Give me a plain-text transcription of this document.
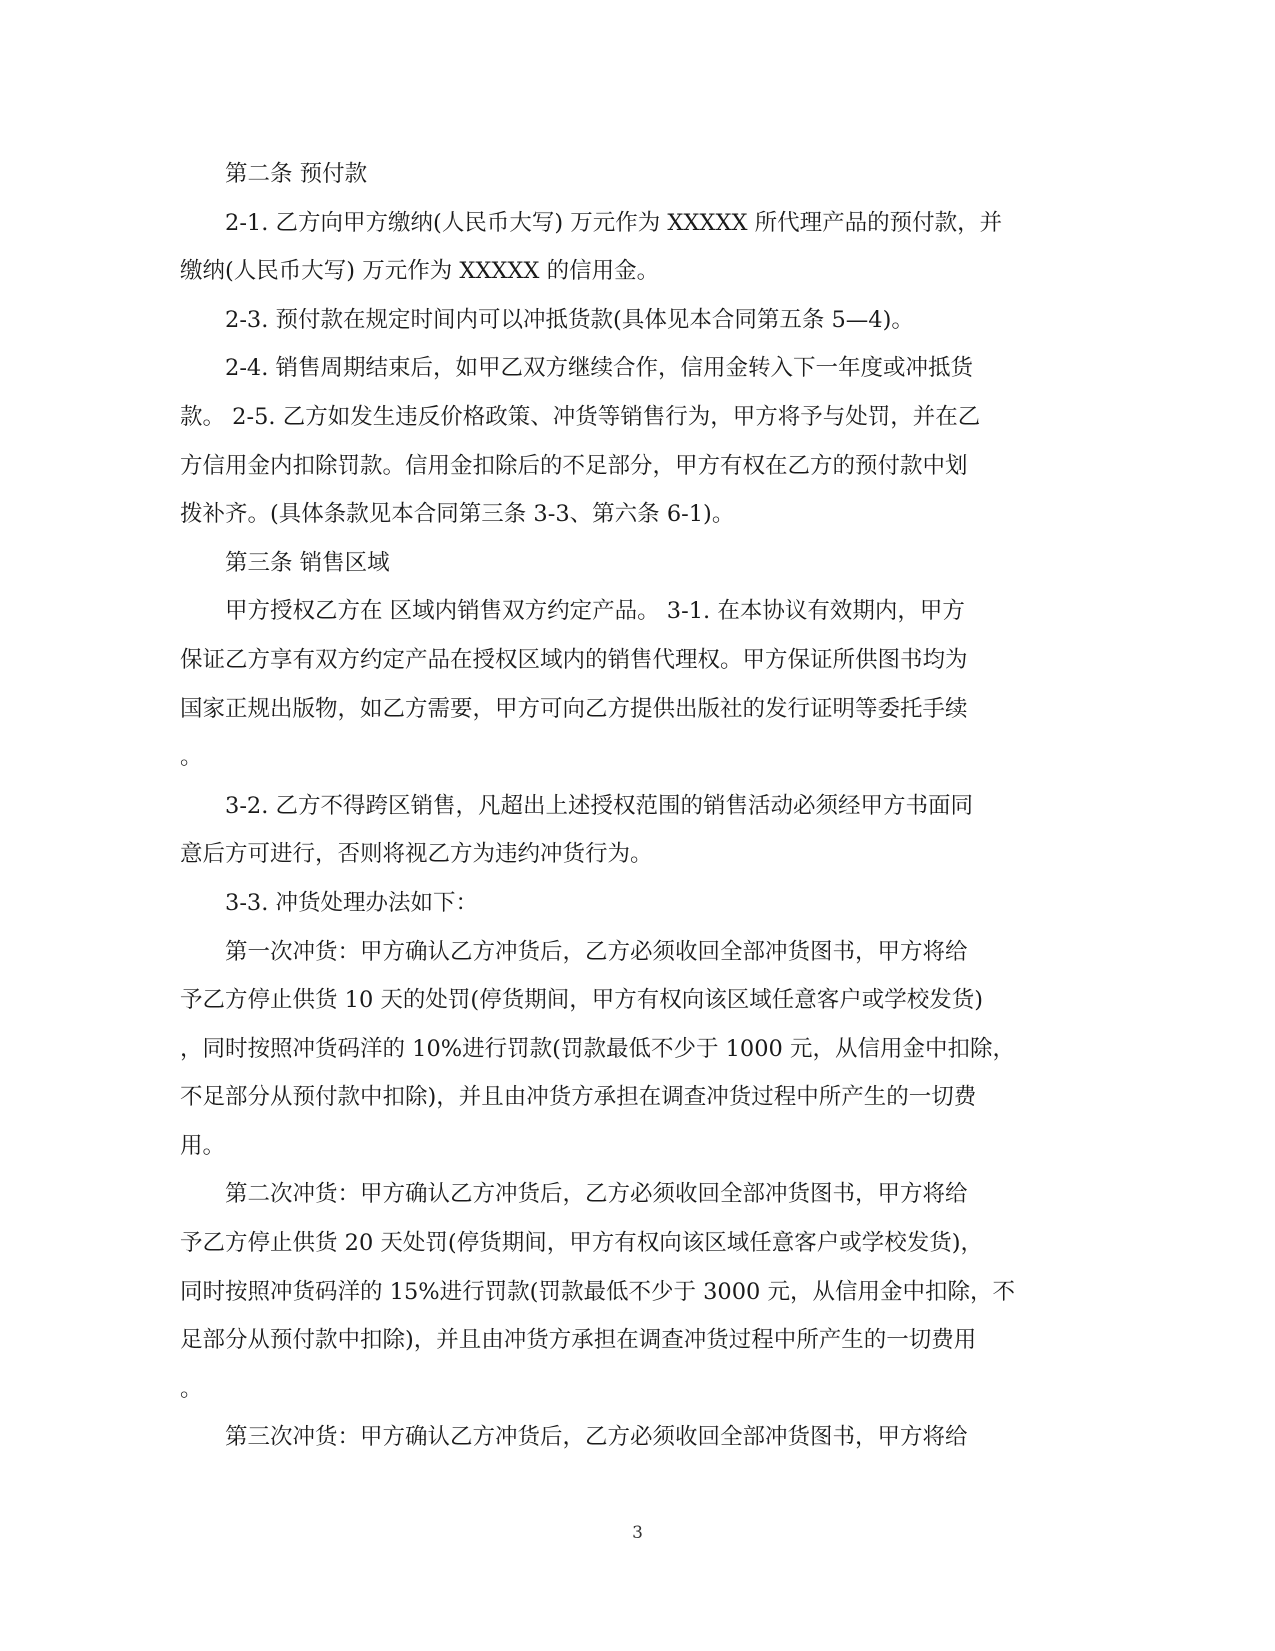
　　第二条 预付款

　　2-1. 乙方向甲方缴纳(人民币大写) 万元作为 XXXXX 所代理产品的预付款，并

缴纳(人民币大写) 万元作为 XXXXX 的信用金。

　　2-3. 预付款在规定时间内可以冲抵货款(具体见本合同第五条 5—4)。

　　2-4. 销售周期结束后，如甲乙双方继续合作，信用金转入下一年度或冲抵货

款。 2-5. 乙方如发生违反价格政策、冲货等销售行为，甲方将予与处罚，并在乙

方信用金内扣除罚款。信用金扣除后的不足部分，甲方有权在乙方的预付款中划

拨补齐。(具体条款见本合同第三条 3-3、第六条 6-1)。

　　第三条 销售区域

　　甲方授权乙方在 区域内销售双方约定产品。 3-1. 在本协议有效期内，甲方

保证乙方享有双方约定产品在授权区域内的销售代理权。甲方保证所供图书均为

国家正规出版物，如乙方需要，甲方可向乙方提供出版社的发行证明等委托手续

。

　　3-2. 乙方不得跨区销售，凡超出上述授权范围的销售活动必须经甲方书面同

意后方可进行，否则将视乙方为违约冲货行为。

　　3-3. 冲货处理办法如下：

　　第一次冲货：甲方确认乙方冲货后，乙方必须收回全部冲货图书，甲方将给

予乙方停止供货 10 天的处罚(停货期间，甲方有权向该区域任意客户或学校发货)

，同时按照冲货码洋的 10%进行罚款(罚款最低不少于 1000 元，从信用金中扣除，

不足部分从预付款中扣除)，并且由冲货方承担在调查冲货过程中所产生的一切费

用。

　　第二次冲货：甲方确认乙方冲货后，乙方必须收回全部冲货图书，甲方将给

予乙方停止供货 20 天处罚(停货期间，甲方有权向该区域任意客户或学校发货)，

同时按照冲货码洋的 15%进行罚款(罚款最低不少于 3000 元，从信用金中扣除，不

足部分从预付款中扣除)，并且由冲货方承担在调查冲货过程中所产生的一切费用

。

　　第三次冲货：甲方确认乙方冲货后，乙方必须收回全部冲货图书，甲方将给

3
